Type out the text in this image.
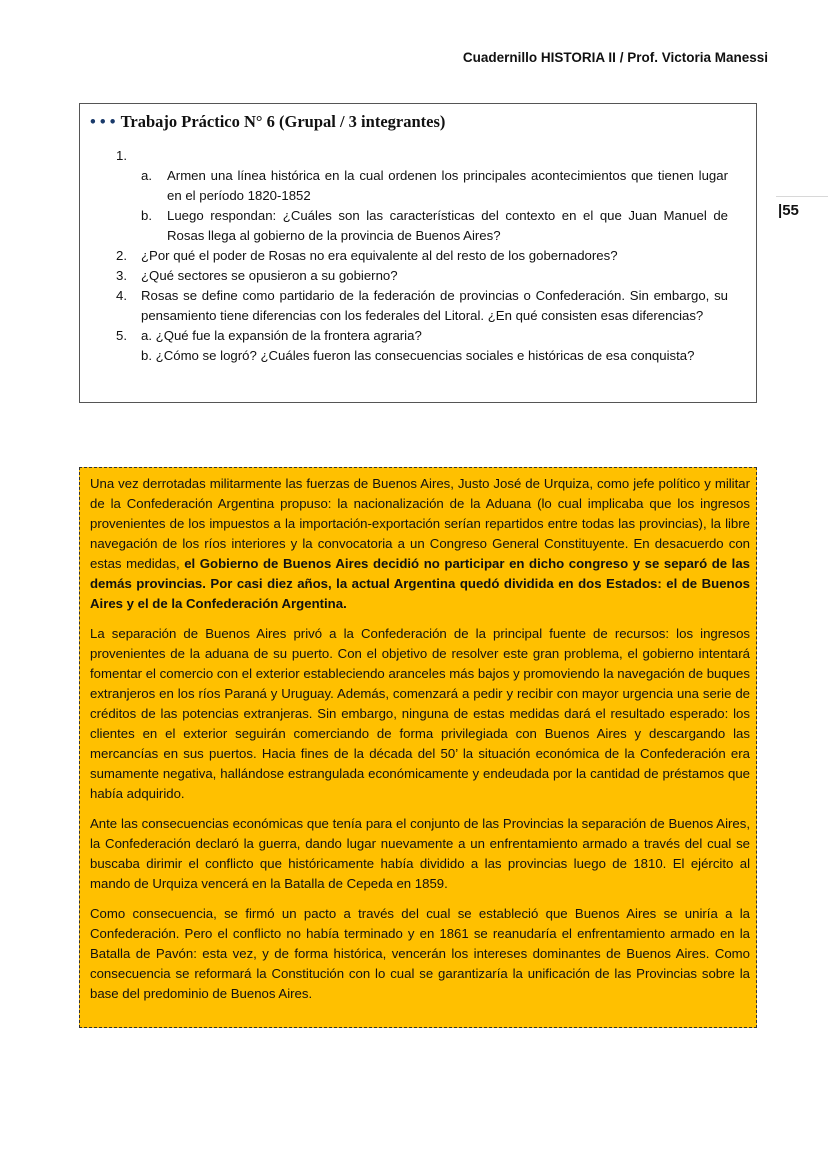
Cuadernillo HISTORIA II / Prof. Victoria Manessi
|55
• • • Trabajo Práctico N° 6 (Grupal / 3 integrantes)
1.
a. Armen una línea histórica en la cual ordenen los principales acontecimientos que tienen lugar en el período 1820-1852
b. Luego respondan: ¿Cuáles son las características del contexto en el que Juan Manuel de Rosas llega al gobierno de la provincia de Buenos Aires?
2. ¿Por qué el poder de Rosas no era equivalente al del resto de los gobernadores?
3. ¿Qué sectores se opusieron a su gobierno?
4. Rosas se define como partidario de la federación de provincias o Confederación. Sin embargo, su pensamiento tiene diferencias con los federales del Litoral. ¿En qué consisten esas diferencias?
5. a. ¿Qué fue la expansión de la frontera agraria?
b. ¿Cómo se logró? ¿Cuáles fueron las consecuencias sociales e históricas de esa conquista?

Una vez derrotadas militarmente las fuerzas de Buenos Aires, Justo José de Urquiza, como jefe político y militar de la Confederación Argentina propuso: la nacionalización de la Aduana (lo cual implicaba que los ingresos provenientes de los impuestos a la importación-exportación serían repartidos entre todas las provincias), la libre navegación de los ríos interiores y la convocatoria a un Congreso General Constituyente. En desacuerdo con estas medidas, el Gobierno de Buenos Aires decidió no participar en dicho congreso y se separó de las demás provincias. Por casi diez años, la actual Argentina quedó dividida en dos Estados: el de Buenos Aires y el de la Confederación Argentina.

La separación de Buenos Aires privó a la Confederación de la principal fuente de recursos: los ingresos provenientes de la aduana de su puerto. Con el objetivo de resolver este gran problema, el gobierno intentará fomentar el comercio con el exterior estableciendo aranceles más bajos y promoviendo la navegación de buques extranjeros en los ríos Paraná y Uruguay. Además, comenzará a pedir y recibir con mayor urgencia una serie de créditos de las potencias extranjeras. Sin embargo, ninguna de estas medidas dará el resultado esperado: los clientes en el exterior seguirán comerciando de forma privilegiada con Buenos Aires y descargando las mercancías en sus puertos. Hacia fines de la década del 50’ la situación económica de la Confederación era sumamente negativa, hallándose estrangulada económicamente y endeudada por la cantidad de préstamos que había adquirido.

Ante las consecuencias económicas que tenía para el conjunto de las Provincias la separación de Buenos Aires, la Confederación declaró la guerra, dando lugar nuevamente a un enfrentamiento armado a través del cual se buscaba dirimir el conflicto que históricamente había dividido a las provincias luego de 1810. El ejército al mando de Urquiza vencerá en la Batalla de Cepeda en 1859.

Como consecuencia, se firmó un pacto a través del cual se estableció que Buenos Aires se uniría a la Confederación. Pero el conflicto no había terminado y en 1861 se reanudaría el enfrentamiento armado en la Batalla de Pavón: esta vez, y de forma histórica, vencerán los intereses dominantes de Buenos Aires. Como consecuencia se reformará la Constitución con lo cual se garantizaría la unificación de las Provincias sobre la base del predominio de Buenos Aires.
